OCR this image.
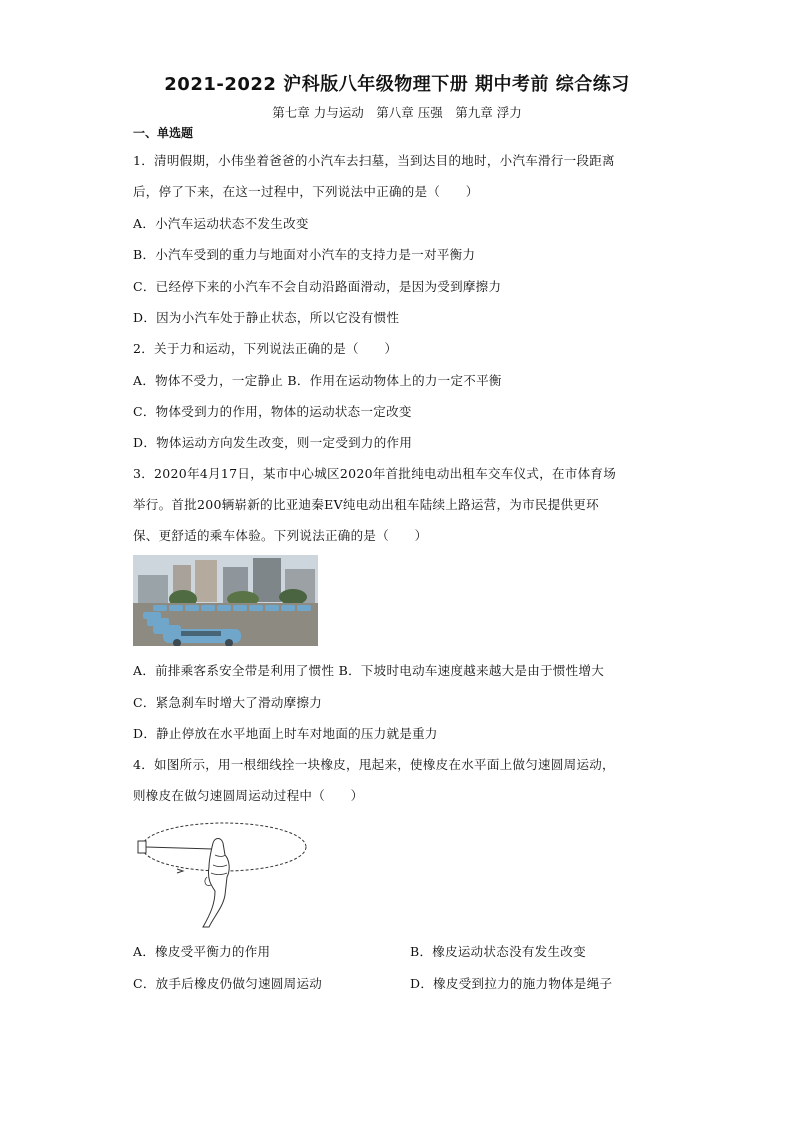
2021-2022 沪科版八年级物理下册 期中考前 综合练习
第七章 力与运动　第八章 压强　第九章 浮力
一、单选题
1．清明假期，小伟坐着爸爸的小汽车去扫墓，当到达目的地时，小汽车滑行一段距离
后，停了下来，在这一过程中，下列说法中正确的是（　　）
A．小汽车运动状态不发生改变
B．小汽车受到的重力与地面对小汽车的支持力是一对平衡力
C．已经停下来的小汽车不会自动沿路面滑动，是因为受到摩擦力
D．因为小汽车处于静止状态，所以它没有惯性
2．关于力和运动，下列说法正确的是（　　）
A．物体不受力，一定静止 B．作用在运动物体上的力一定不平衡
C．物体受到力的作用，物体的运动状态一定改变
D．物体运动方向发生改变，则一定受到力的作用
3．2020年4月17日，某市中心城区2020年首批纯电动出租车交车仪式，在市体育场
举行。首批200辆崭新的比亚迪秦EV纯电动出租车陆续上路运营，为市民提供更环
保、更舒适的乘车体验。下列说法正确的是（　　）
A．前排乘客系安全带是利用了惯性 B．下坡时电动车速度越来越大是由于惯性增大
C．紧急刹车时增大了滑动摩擦力
D．静止停放在水平地面上时车对地面的压力就是重力
4．如图所示，用一根细线拴一块橡皮，甩起来，使橡皮在水平面上做匀速圆周运动，
则橡皮在做匀速圆周运动过程中（　　）
A．橡皮受平衡力的作用	B．橡皮运动状态没有发生改变
C．放手后橡皮仍做匀速圆周运动	D．橡皮受到拉力的施力物体是绳子
